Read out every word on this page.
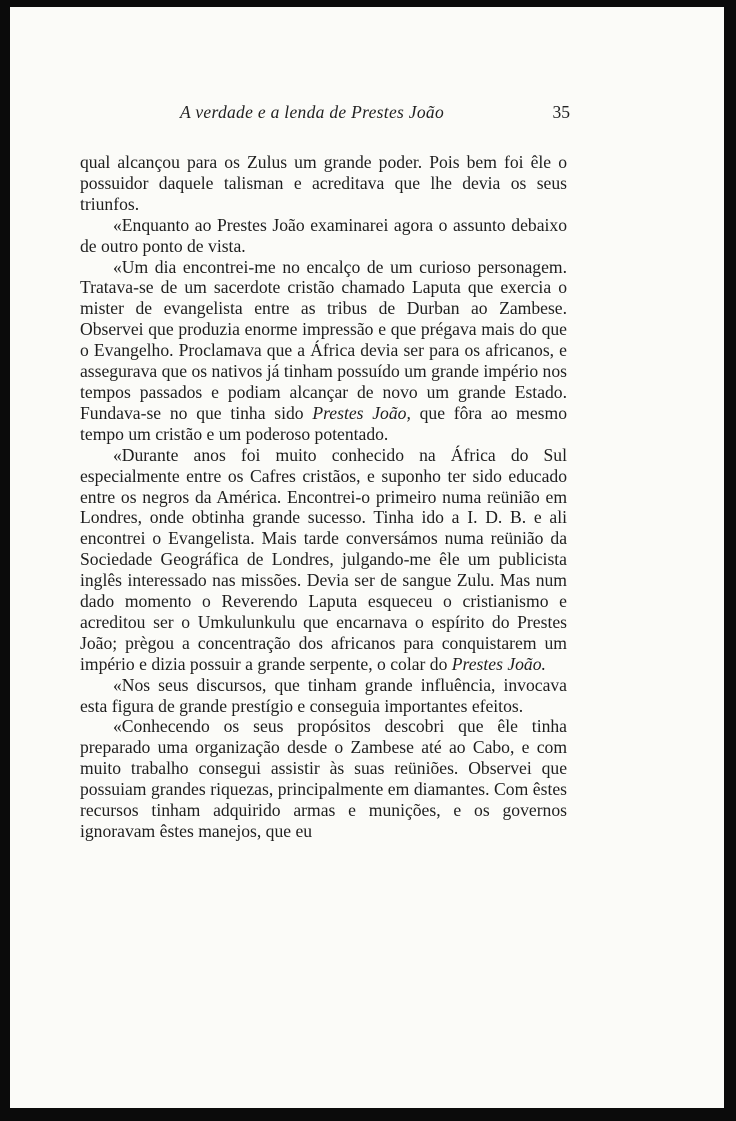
A verdade e a lenda de Prestes João	35

qual alcançou para os Zulus um grande poder. Pois bem foi êle o possuidor daquele talisman e acreditava que lhe devia os seus triunfos.

«Enquanto ao Prestes João examinarei agora o assunto debaixo de outro ponto de vista.

«Um dia encontrei-me no encalço de um curioso personagem. Tratava-se de um sacerdote cristão chamado Laputa que exercia o mister de evangelista entre as tribus de Durban ao Zambese. Observei que produzia enorme impressão e que prégava mais do que o Evangelho. Proclamava que a África devia ser para os africanos, e assegurava que os nativos já tinham possuído um grande império nos tempos passados e podiam alcançar de novo um grande Estado. Fundava-se no que tinha sido Prestes João, que fôra ao mesmo tempo um cristão e um poderoso potentado.

«Durante anos foi muito conhecido na África do Sul especialmente entre os Cafres cristãos, e suponho ter sido educado entre os negros da América. Encontrei-o primeiro numa reünião em Londres, onde obtinha grande sucesso. Tinha ido a I. D. B. e ali encontrei o Evangelista. Mais tarde conversámos numa reünião da Sociedade Geográfica de Londres, julgando-me êle um publicista inglês interessado nas missões. Devia ser de sangue Zulu. Mas num dado momento o Reverendo Laputa esqueceu o cristianismo e acreditou ser o Umkulunkulu que encarnava o espírito do Prestes João; prègou a concentração dos africanos para conquistarem um império e dizia possuir a grande serpente, o colar do Prestes João.

«Nos seus discursos, que tinham grande influência, invocava esta figura de grande prestígio e conseguia importantes efeitos.

«Conhecendo os seus propósitos descobri que êle tinha preparado uma organização desde o Zambese até ao Cabo, e com muito trabalho consegui assistir às suas reüniões. Observei que possuiam grandes riquezas, principalmente em diamantes. Com êstes recursos tinham adquirido armas e munições, e os governos ignoravam êstes manejos, que eu
